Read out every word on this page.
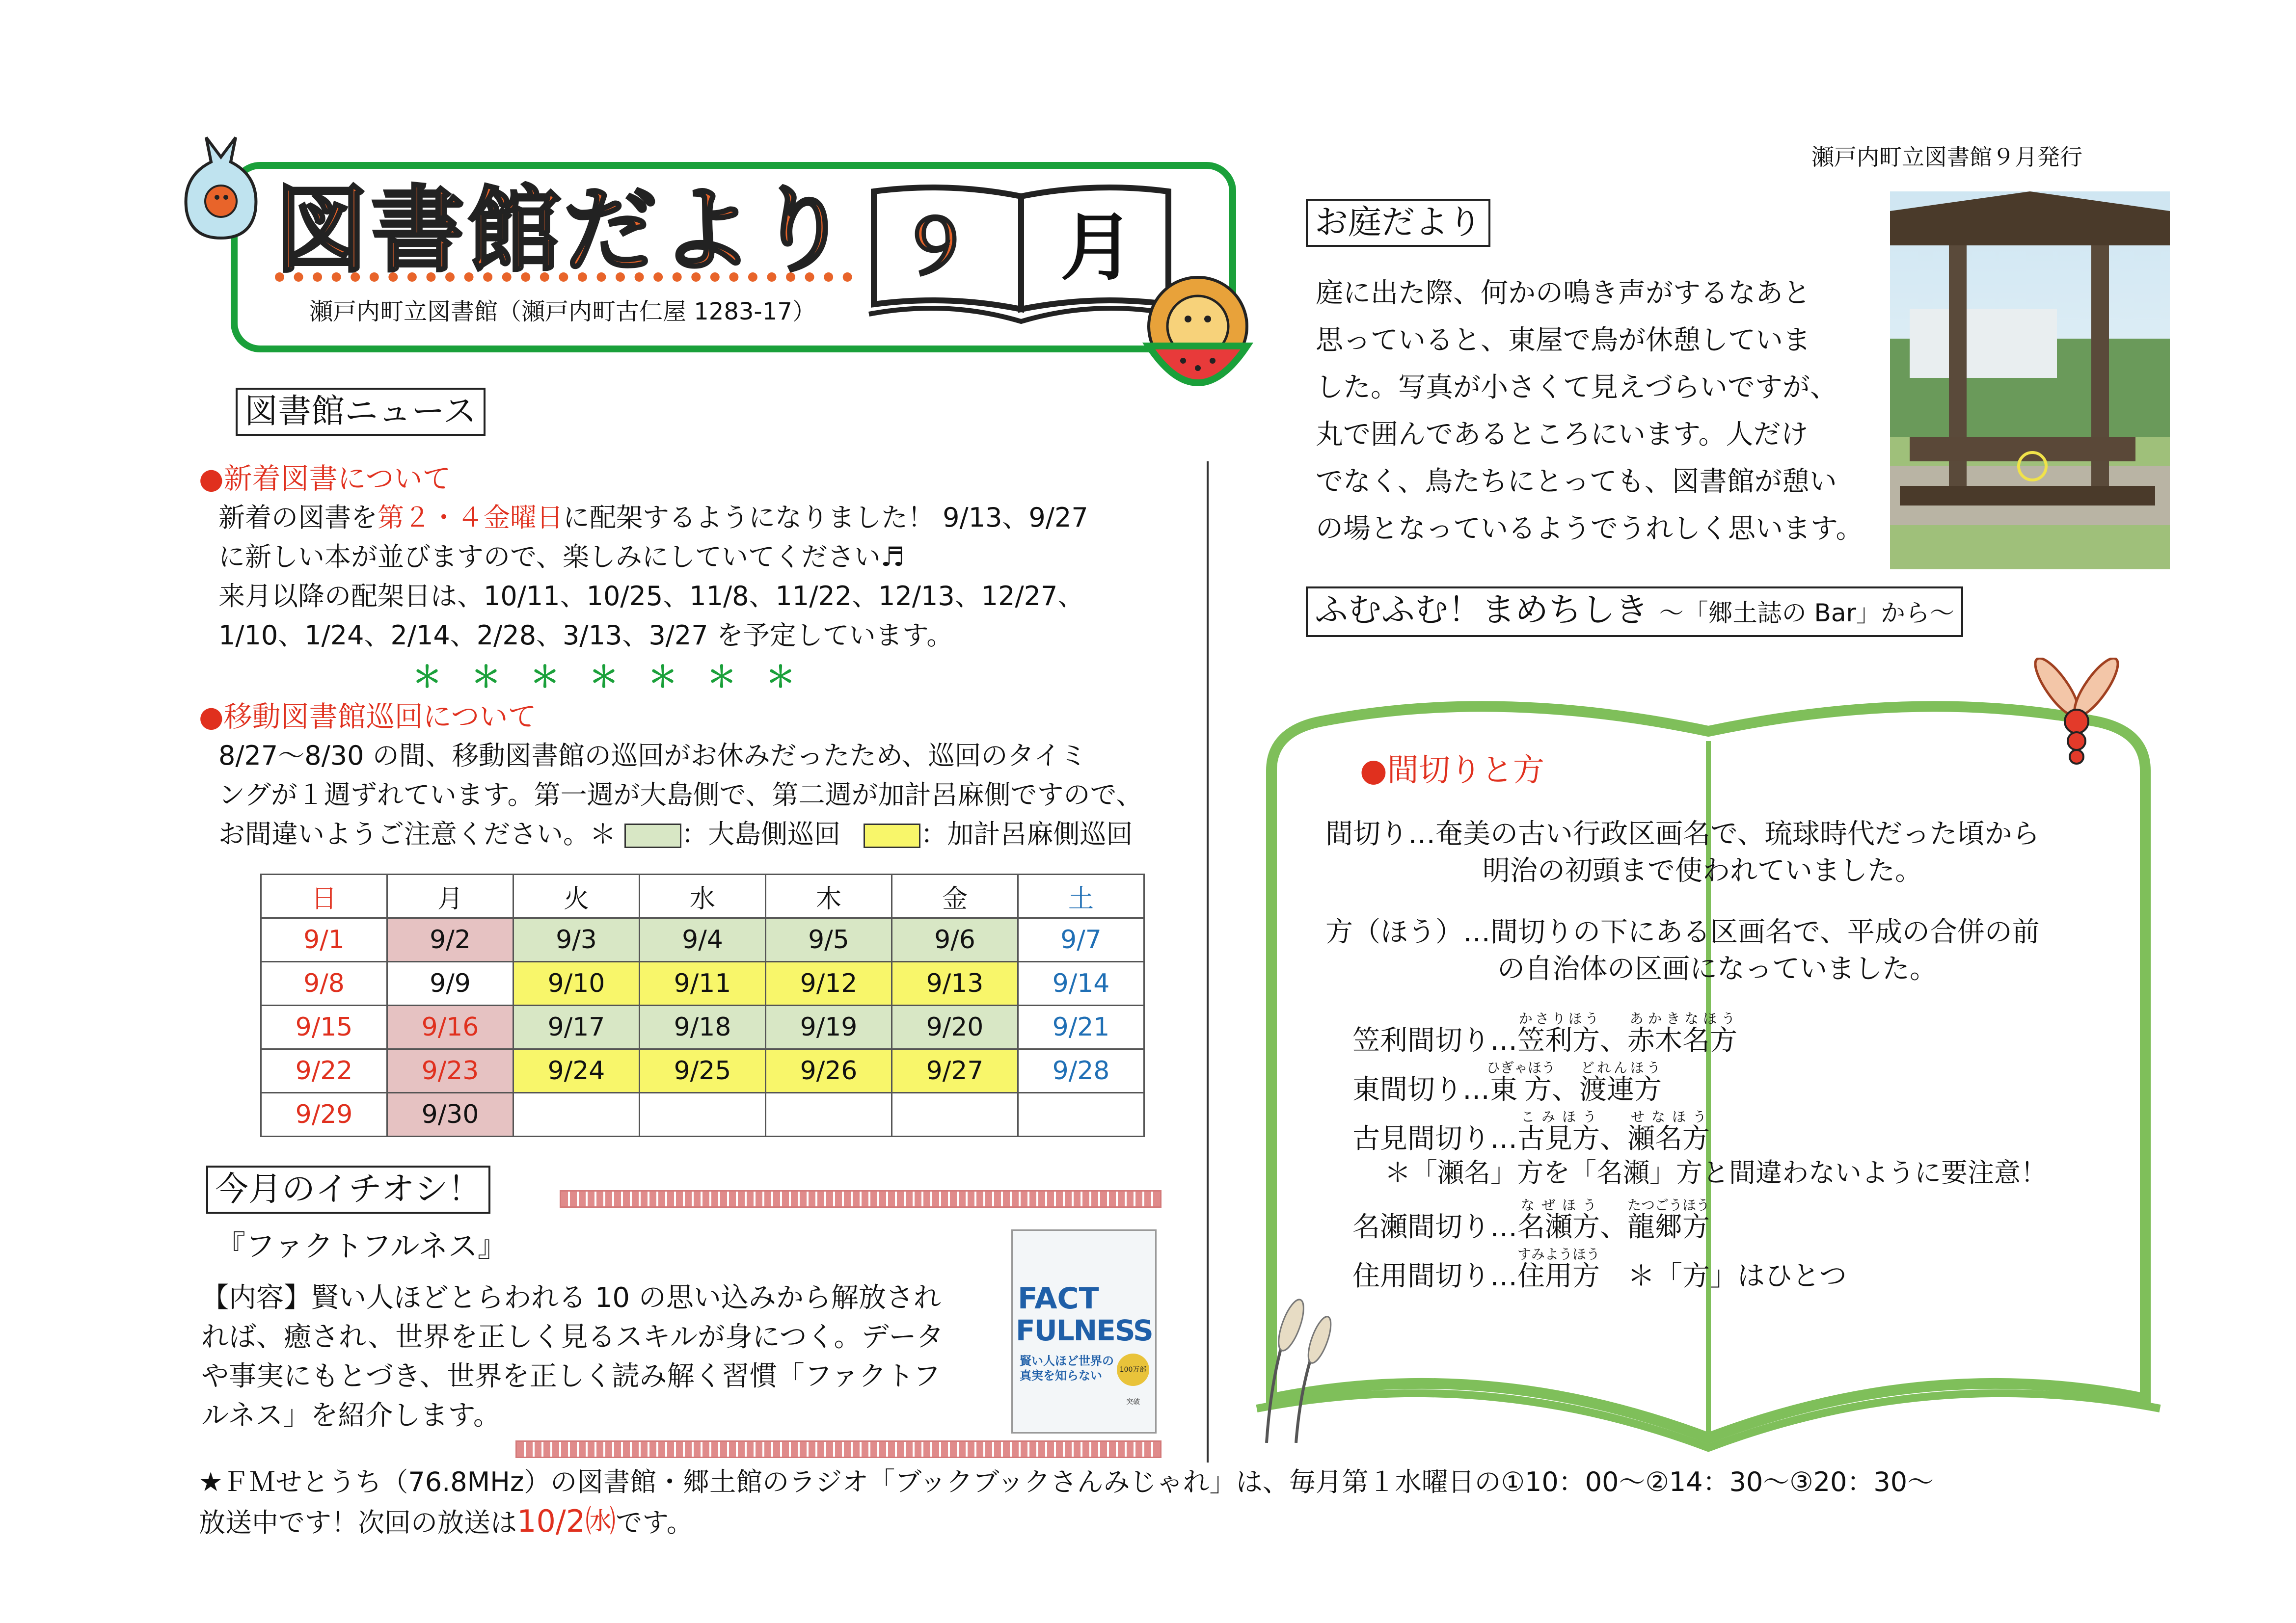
瀬戸内町立図書館９月発行
図書館だより ９ 月
瀬戸内町立図書館（瀬戸内町古仁屋 1283-17）
図書館ニュース
●新着図書について
新着の図書を第２・４金曜日に配架するようになりました！ 9/13、9/27
に新しい本が並びますので、楽しみにしていてください♬
来月以降の配架日は、10/11、10/25、11/8、11/22、12/13、12/27、
1/10、1/24、2/14、2/28、3/13、3/27 を予定しています。
＊　＊　＊　＊　＊　＊　＊
●移動図書館巡回について
8/27～8/30 の間、移動図書館の巡回がお休みだったため、巡回のタイミ
ングが１週ずれています。第一週が大島側で、第二週が加計呂麻側ですので、
お間違いようご注意ください。＊ ：大島側巡回	：加計呂麻側巡回
日	月	火	水	木	金	土
9/1	9/2	9/3	9/4	9/5	9/6	9/7
9/8	9/9	9/10	9/11	9/12	9/13	9/14
9/15	9/16	9/17	9/18	9/19	9/20	9/21
9/22	9/23	9/24	9/25	9/26	9/27	9/28
9/29	9/30					
今月のイチオシ！
『ファクトフルネス』
【内容】賢い人ほどとらわれる 10 の思い込みから解放され
れば、癒され、世界を正しく見るスキルが身につく。データ
や事実にもとづき、世界を正しく読み解く習慣「ファクトフ
ルネス」を紹介します。
FACT
FULNESS
賢い人ほど世界の真実を知らない	100万部突破
★ＦＭせとうち（76.8MHz）の図書館・郷土館のラジオ「ブックブックさんみじゃれ」は、毎月第１水曜日の①10：00～②14：30～③20：30～
放送中です！次回の放送は10/2㈬です。
お庭だより
庭に出た際、何かの鳴き声がするなあと
思っていると、東屋で鳥が休憩していま
した。写真が小さくて見えづらいですが、
丸で囲んであるところにいます。人だけ
でなく、鳥たちにとっても、図書館が憩い
の場となっているようでうれしく思います。
ふむふむ！まめちしき ～「郷土誌の Bar」から～
●間切りと方
間切り…奄美の古い行政区画名で、琉球時代だった頃から
明治の初頭まで使われていました。
方（ほう）…間切りの下にある区画名で、平成の合併の前
の自治体の区画になっていました。
笠利間切り…笠利方かさりほう、赤木名方あかきなほう
東間切り…東方ひぎゃほう、渡連方どれんほう
古見間切り…古見方こみほう、瀬名方せなほう
＊「瀬名」方を「名瀬」方と間違わないように要注意！
名瀬間切り…名瀬方なぜほう、龍郷方たつごうほう
住用間切り…住用方すみようほう　＊「方」はひとつ
